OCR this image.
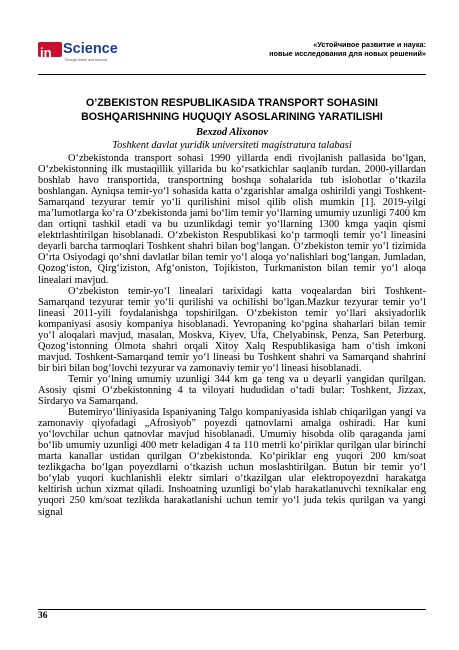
in Science
Through these and beyond
«Устойчивое развитие и наука:
новые исследования для новых решений»
O’ZBEKISTON RESPUBLIKASIDA TRANSPORT SOHASINI
BOSHQARISHNING HUQUQIY ASOSLARINING YARATILISHI
Bexzod Alixonov
Toshkent davlat yuridik universiteti magistratura talabasi

O‘zbekistonda transport sohasi 1990 yillarda endi rivojlanish pallasida bo‘lgan, O‘zbekistonning ilk mustaqillik yillarida bu ko‘rsatkichlar saqlanib turdan. 2000-yillardan boshlab havo transportida, transportning boshqa sohalarida tub islohotlar o‘tkazila boshlangan. Ayniqsa temir-yo‘l sohasida katta o‘zgarishlar amalga oshirildi yangi Toshkent-Samarqand tezyurar temir yo‘li qurilishini misol qilib olish mumkin [1]. 2019-yilgi ma’lumotlarga ko‘ra O‘zbekistonda jami bo‘lim temir yo‘llarning umumiy uzunligi 7400 km dan ortiqni tashkil etadi va bu uzunlikdagi temir yo‘llarning 1300 kmga yaqin qismi elektrlashtirilgan hisoblanadi. O‘zbekiston Respublikasi ko‘p tarmoqli temir yo‘l lineasini deyarli barcha tarmoqlari Toshkent shahri bilan bog‘langan. O‘zbekiston temir yo‘l tizimida O‘rta Osiyodagi qo‘shni davlatlar bilan temir yo‘l aloqa yo‘nalishlari bog‘langan. Jumladan, Qozog‘iston, Qirg‘iziston, Afg‘oniston, Tojikiston, Turkmaniston bilan temir yo‘l aloqa linealari mavjud.

O‘zbekiston temir-yo‘l linealari tarixidagi katta voqealardan biri Toshkent-Samarqand tezyurar temir yo‘li qurilishi va ochilishi bo‘lgan.Mazkur tezyurar temir yo‘l lineasi 2011-yili foydalanishga topshirilgan. O‘zbekiston temir yo‘llari aksiyadorlik kompaniyasi asosiy kompaniya hisoblanadi. Yevropaning ko‘pgina shaharlari bilan temir yo‘l aloqalari mavjud, masalan, Moskva, Kiyev, Ufa, Chelyabinsk, Penza, San Peterburg. Qozog‘istonning Olmota shahri orqali Xitoy Xalq Respublikasiga ham o‘tish imkoni mavjud. Toshkent-Samarqand temir yo‘l lineasi bu Toshkent shahri va Samarqand shahrini bir biri bilan bog‘lovchi tezyurar va zamonaviy temir yo‘l lineasi hisoblanadi.

Temir yo‘lning umumiy uzunligi 344 km ga teng va u deyarli yangidan qurilgan. Asosiy qismi O‘zbekistonning 4 ta viloyati hududidan o‘tadi bular: Toshkent, Jizzax, Sirdaryo va Samarqand.

Butemiryo‘lliniyasida Ispaniyaning Talgo kompaniyasida ishlab chiqarilgan yangi va zamonaviy qiyofadagi „Afrosiyob” poyezdi qatnovlarni amalga oshiradi. Har kuni yo‘lovchilar uchun qatnovlar mavjud hisoblanadi. Umumiy hisobda olib qaraganda jami bo‘lib umumiy uzunligi 400 metr keladigan 4 ta 110 metrli ko‘piriklar qurilgan ular birinchi marta kanallar ustidan qurilgan O‘zbekistonda. Ko‘piriklar eng yuqori 200 km/soat tezlikgacha bo‘lgan poyezdlarni o‘tkazish uchun moslashtirilgan. Butun bir temir yo‘l bo‘ylab yuqori kuchlanishli elektr simlari o‘tkazilgan ular elektropoyezdni harakatga keltirish uchun xizmat qiladi. Inshoatning uzunligi bo‘ylab harakatlanuvchi texnikalar eng yuqori 250 km/soat tezlikda harakatlanishi uchun temir yo‘l juda tekis qurilgan va yangi signal

36
